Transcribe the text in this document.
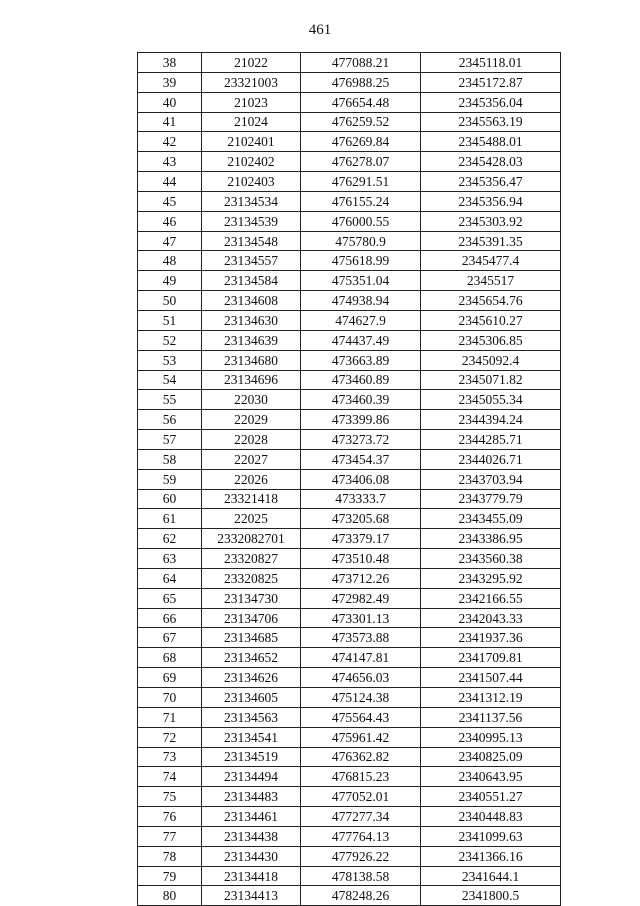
461
38	21022	477088.21	2345118.01
39	23321003	476988.25	2345172.87
40	21023	476654.48	2345356.04
41	21024	476259.52	2345563.19
42	2102401	476269.84	2345488.01
43	2102402	476278.07	2345428.03
44	2102403	476291.51	2345356.47
45	23134534	476155.24	2345356.94
46	23134539	476000.55	2345303.92
47	23134548	475780.9	2345391.35
48	23134557	475618.99	2345477.4
49	23134584	475351.04	2345517
50	23134608	474938.94	2345654.76
51	23134630	474627.9	2345610.27
52	23134639	474437.49	2345306.85
53	23134680	473663.89	2345092.4
54	23134696	473460.89	2345071.82
55	22030	473460.39	2345055.34
56	22029	473399.86	2344394.24
57	22028	473273.72	2344285.71
58	22027	473454.37	2344026.71
59	22026	473406.08	2343703.94
60	23321418	473333.7	2343779.79
61	22025	473205.68	2343455.09
62	2332082701	473379.17	2343386.95
63	23320827	473510.48	2343560.38
64	23320825	473712.26	2343295.92
65	23134730	472982.49	2342166.55
66	23134706	473301.13	2342043.33
67	23134685	473573.88	2341937.36
68	23134652	474147.81	2341709.81
69	23134626	474656.03	2341507.44
70	23134605	475124.38	2341312.19
71	23134563	475564.43	2341137.56
72	23134541	475961.42	2340995.13
73	23134519	476362.82	2340825.09
74	23134494	476815.23	2340643.95
75	23134483	477052.01	2340551.27
76	23134461	477277.34	2340448.83
77	23134438	477764.13	2341099.63
78	23134430	477926.22	2341366.16
79	23134418	478138.58	2341644.1
80	23134413	478248.26	2341800.5
